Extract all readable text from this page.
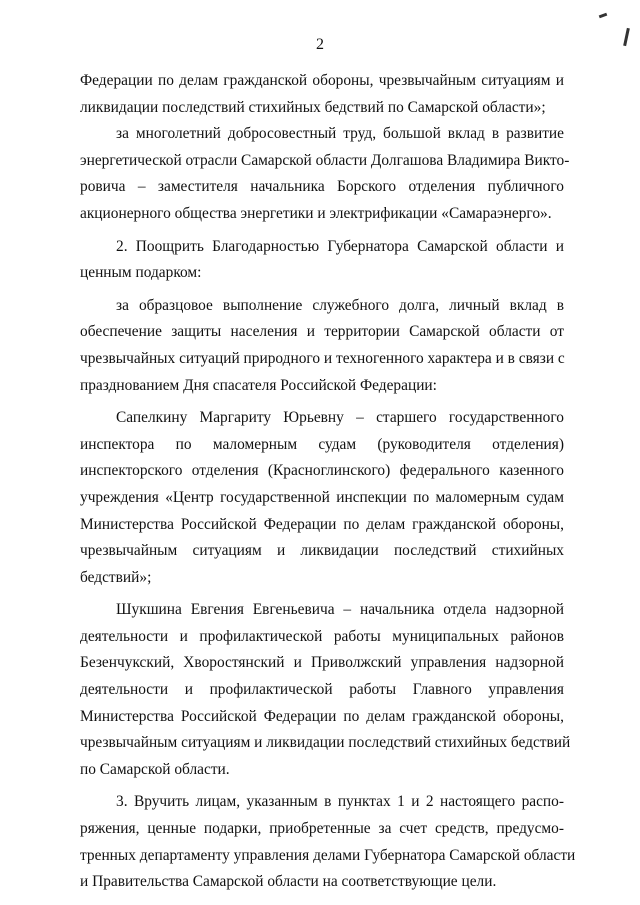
2

Федерации по делам гражданской обороны, чрезвычайным ситуациям и
ликвидации последствий стихийных бедствий по Самарской области»;

за многолетний добросовестный труд, большой вклад в развитие
энергетической отрасли Самарской области Долгашова Владимира Викто-
ровича – заместителя начальника Борского отделения публичного
акционерного общества энергетики и электрификации «Самараэнерго».

2. Поощрить Благодарностью Губернатора Самарской области и
ценным подарком:

за образцовое выполнение служебного долга, личный вклад в
обеспечение защиты населения и территории Самарской области от
чрезвычайных ситуаций природного и техногенного характера и в связи с
празднованием Дня спасателя Российской Федерации:

Сапелкину Маргариту Юрьевну – старшего государственного
инспектора по маломерным судам (руководителя отделения)
инспекторского отделения (Красноглинского) федерального казенного
учреждения «Центр государственной инспекции по маломерным судам
Министерства Российской Федерации по делам гражданской обороны,
чрезвычайным ситуациям и ликвидации последствий стихийных
бедствий»;

Шукшина Евгения Евгеньевича – начальника отдела надзорной
деятельности и профилактической работы муниципальных районов
Безенчукский, Хворостянский и Приволжский управления надзорной
деятельности и профилактической работы Главного управления
Министерства Российской Федерации по делам гражданской обороны,
чрезвычайным ситуациям и ликвидации последствий стихийных бедствий
по Самарской области.

3. Вручить лицам, указанным в пунктах 1 и 2 настоящего распо-
ряжения, ценные подарки, приобретенные за счет средств, предусмо-
тренных департаменту управления делами Губернатора Самарской области
и Правительства Самарской области на соответствующие цели.
